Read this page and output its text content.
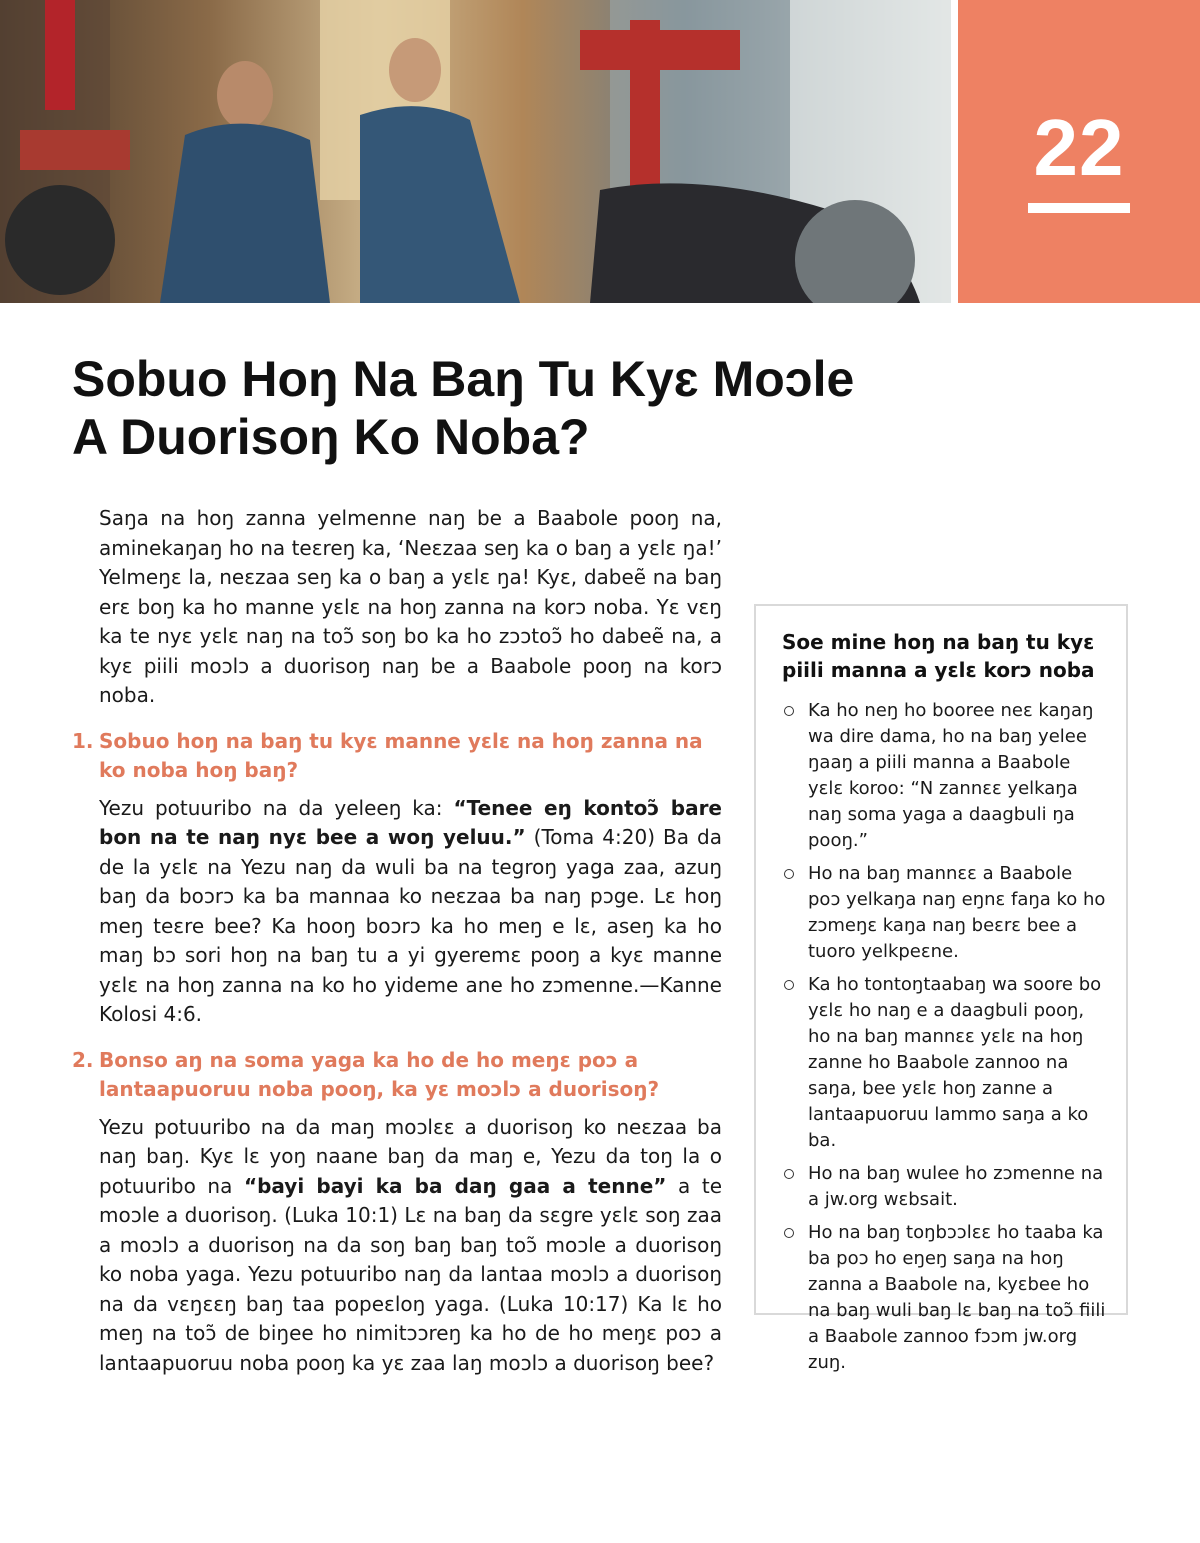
22
Sobuo Hoŋ Na Baŋ Tu Kyɛ Moɔle
A Duorisoŋ Ko Noba?

Saŋa na hoŋ zanna yelmenne naŋ be a Baabole pooŋ na, aminekaŋaŋ ho na teɛreŋ ka, ‘Neɛzaa seŋ ka o baŋ a yɛlɛ ŋa!’ Yelmeŋɛ la, neɛzaa seŋ ka o baŋ a yɛlɛ ŋa! Kyɛ, dabeẽ na baŋ erɛ boŋ ka ho manne yɛlɛ na hoŋ zanna na korɔ noba. Yɛ vɛŋ ka te nyɛ yɛlɛ naŋ na toɔ̃ soŋ bo ka ho zɔɔtoɔ̃ ho dabeẽ na, a kyɛ piili moɔlɔ a duorisoŋ naŋ be a Baabole pooŋ na korɔ noba.

1. Sobuo hoŋ na baŋ tu kyɛ manne yɛlɛ na hoŋ zanna na ko noba hoŋ baŋ?

Yezu potuuribo na da yeleeŋ ka: “Tenee eŋ kontoɔ̃ bare bon na te naŋ nyɛ bee a woŋ yeluu.” (Toma 4:20) Ba da de la yɛlɛ na Yezu naŋ da wuli ba na tegroŋ yaga zaa, azuŋ baŋ da boɔrɔ ka ba mannaa ko neɛzaa ba naŋ pɔge. Lɛ hoŋ meŋ teɛre bee? Ka hooŋ boɔrɔ ka ho meŋ e lɛ, aseŋ ka ho maŋ bɔ sori hoŋ na baŋ tu a yi gyeremɛ pooŋ a kyɛ manne yɛlɛ na hoŋ zanna na ko ho yideme ane ho zɔmenne.—Kanne Kolosi 4:6.

2. Bonso aŋ na soma yaga ka ho de ho meŋɛ poɔ a lantaapuoruu noba pooŋ, ka yɛ moɔlɔ a duorisoŋ?

Yezu potuuribo na da maŋ moɔlɛɛ a duorisoŋ ko neɛzaa ba naŋ baŋ. Kyɛ lɛ yoŋ naane baŋ da maŋ e, Yezu da toŋ la o potuuribo na “bayi bayi ka ba daŋ gaa a tenne” a te moɔle a duorisoŋ. (Luka 10:1) Lɛ na baŋ da sɛgre yɛlɛ soŋ zaa a moɔlɔ a duorisoŋ na da soŋ baŋ baŋ toɔ̃ moɔle a duorisoŋ ko noba yaga. Yezu potuuribo naŋ da lantaa moɔlɔ a duorisoŋ na da vɛŋɛɛŋ baŋ taa popeɛloŋ yaga. (Luka 10:17) Ka lɛ ho meŋ na toɔ̃ de biŋee ho nimitɔɔreŋ ka ho de ho meŋɛ poɔ a lantaapuoruu noba pooŋ ka yɛ zaa laŋ moɔlɔ a duorisoŋ bee?

Soe mine hoŋ na baŋ tu kyɛ piili manna a yɛlɛ korɔ noba

Ka ho neŋ ho booree neɛ kaŋaŋ wa dire dama, ho na baŋ yelee ŋaaŋ a piili manna a Baabole yɛlɛ koroo: “N zannɛɛ yelkaŋa naŋ soma yaga a daagbuli ŋa pooŋ.”
Ho na baŋ mannɛɛ a Baabole poɔ yelkaŋa naŋ eŋnɛ faŋa ko ho zɔmeŋɛ kaŋa naŋ beɛrɛ bee a tuoro yelkpeɛne.
Ka ho tontoŋtaabaŋ wa soore bo yɛlɛ ho naŋ e a daagbuli pooŋ, ho na baŋ mannɛɛ yɛlɛ na hoŋ zanne ho Baabole zannoo na saŋa, bee yɛlɛ hoŋ zanne a lantaapuoruu lammo saŋa a ko ba.
Ho na baŋ wulee ho zɔmenne na a jw.org wɛbsait.
Ho na baŋ toŋbɔɔlɛɛ ho taaba ka ba poɔ ho eŋeŋ saŋa na hoŋ zanna a Baabole na, kyɛbee ho na baŋ wuli baŋ lɛ baŋ na toɔ̃ fiili a Baabole zannoo fɔɔm jw.org zuŋ.
